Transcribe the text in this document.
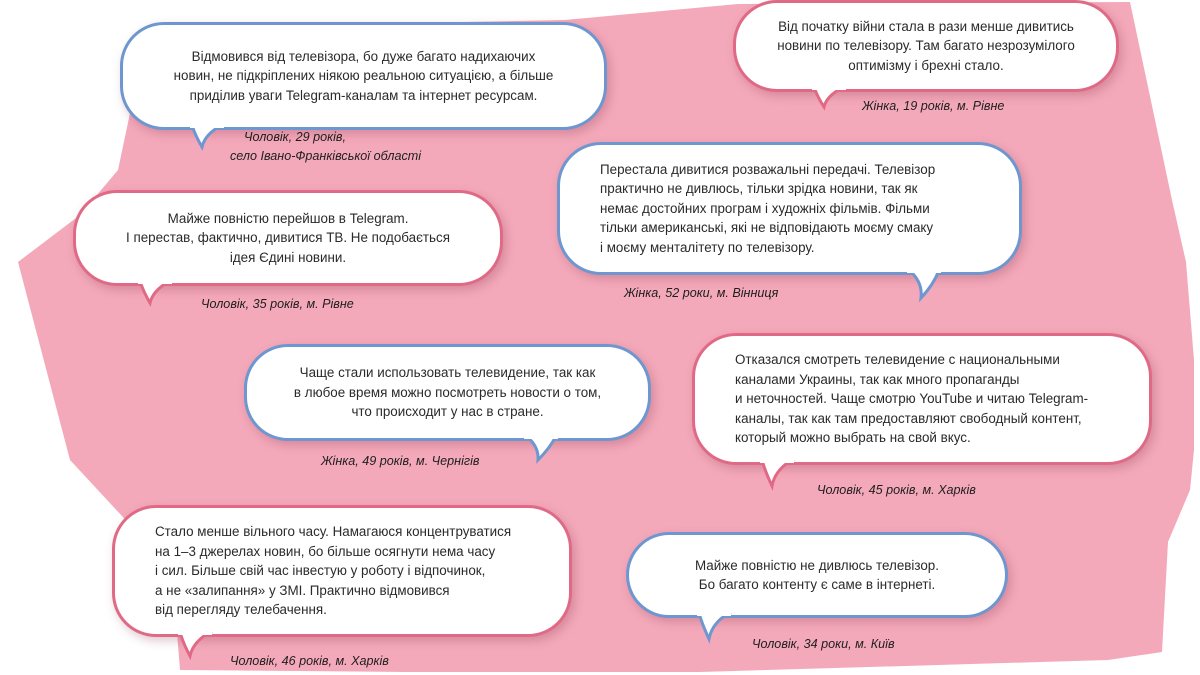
Відмовився від телевізора, бо дуже багато надихаючих
новин, не підкріплених ніякою реальною ситуацією, а більше
приділив уваги Telegram-каналам та інтернет ресурсам.

Чоловік, 29 років,
село Івано-Франківської області

Від початку війни стала в рази менше дивитись
новини по телевізору. Там багато незрозумілого
оптимізму і брехні стало.

Жінка, 19 років, м. Рівне

Майже повністю перейшов в Telegram.
І перестав, фактично, дивитися ТВ. Не подобається
ідея Єдині новини.

Чоловік, 35 років, м. Рівне

Перестала дивитися розважальні передачі. Телевізор
практично не дивлюсь, тільки зрідка новини, так як
немає достойних програм і художніх фільмів. Фільми
тільки американські, які не відповідають моєму смаку
і моєму менталітету по телевізору.

Жінка, 52 роки, м. Вінниця

Чаще стали использовать телевидение, так как
в любое время можно посмотреть новости о том,
что происходит у нас в стране.

Жінка, 49 років, м. Чернігів

Отказался смотреть телевидение с национальными
каналами Украины, так как много пропаганды
и неточностей. Чаще смотрю YouTube и читаю Telegram-
каналы, так как там предоставляют свободный контент,
который можно выбрать на свой вкус.

Чоловік, 45 років, м. Харків

Стало менше вільного часу. Намагаюся концентруватися
на 1–3 джерелах новин, бо більше осягнути нема часу
і сил. Більше свій час інвестую у роботу і відпочинок,
а не «залипання» у ЗМІ. Практично відмовився
від перегляду телебачення.

Чоловік, 46 років, м. Харків

Майже повністю не дивлюсь телевізор.
Бо багато контенту є саме в інтернеті.

Чоловік, 34 роки, м. Київ
